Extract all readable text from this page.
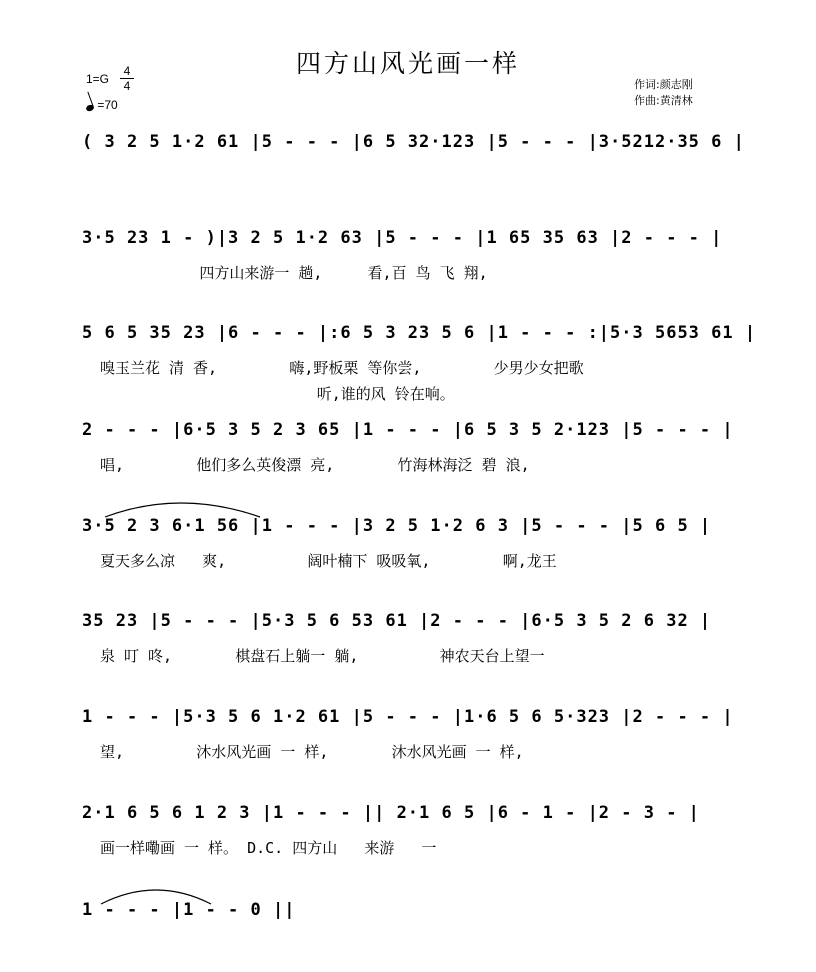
四方山风光画一样
1=G
4
4
=70
作词:颜志刚
作曲:黄清林
( 3 2 5 1·2 61 |5 - - - |6 5 32·123 |5 - - - |3·5212·35 6 |
3·5 23 1 - )|3 2 5 1·2 63 |5 - - - |1 65 35 63 |2 - - - |
四方山来游一 趟,     看,百 鸟 飞 翔,
5 6 5 35 23 |6 - - - |:6 5 3 23 5 6 |1 - - - :|5·3 5653 61 |
嗅玉兰花 清 香,        嗨,野板栗 等你尝,        少男少女把歌
听,谁的风 铃在响。
2 - - - |6·5 3 5 2 3 65 |1 - - - |6 5 3 5 2·123 |5 - - - |
唱,        他们多么英俊漂 亮,       竹海林海泛 碧 浪,
3·5 2 3 6·1 56 |1 - - - |3 2 5 1·2 6 3 |5 - - - |5 6 5 |
夏天多么凉   爽,         阔叶楠下 吸吸氧,        啊,龙王
35 23 |5 - - - |5·3 5 6 53 61 |2 - - - |6·5 3 5 2 6 32 |
泉 叮 咚,       棋盘石上躺一 躺,         神农天台上望一
1 - - - |5·3 5 6 1·2 61 |5 - - - |1·6 5 6 5·323 |2 - - - |
望,        沐水风光画 一 样,       沐水风光画 一 样,
2·1 6 5 6 1 2 3 |1 - - - || 2·1 6 5 |6 - 1 - |2 - 3 - |
画一样嘞画 一 样。 D.C. 四方山   来游   一
1 - - - |1 - - 0 ||
